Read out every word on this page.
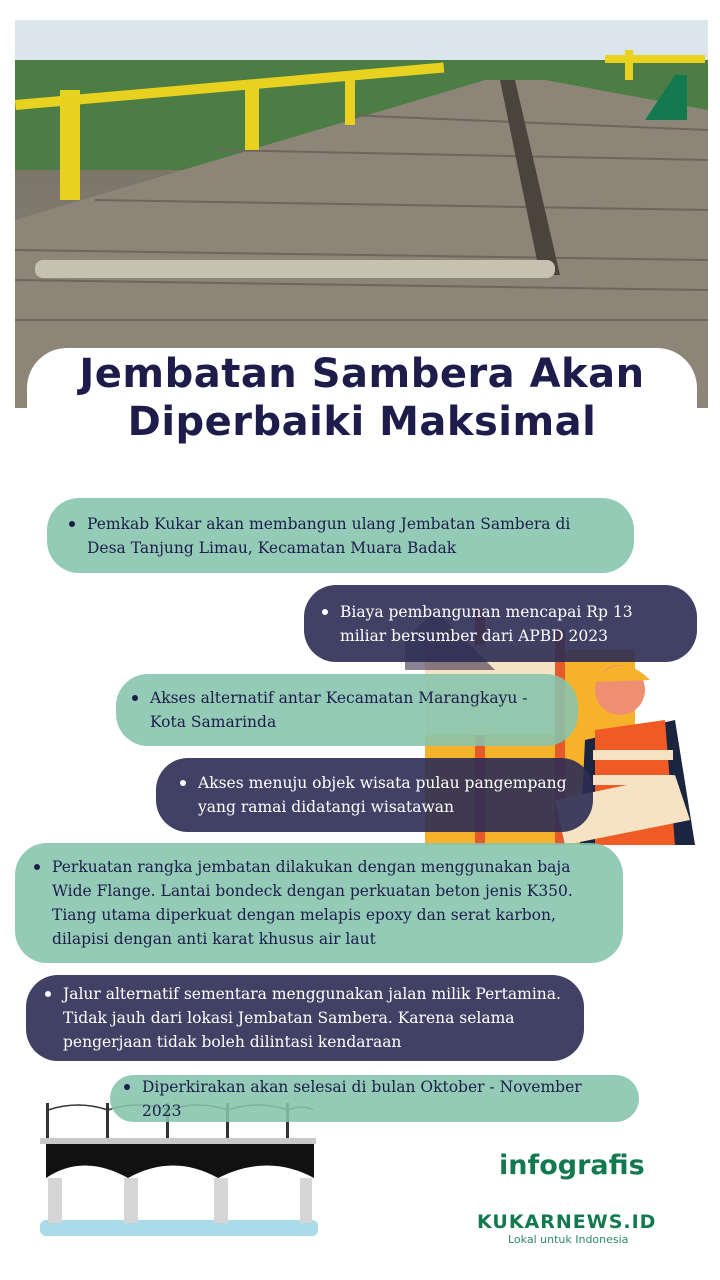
Jembatan Sambera Akan
Diperbaiki Maksimal
Pemkab Kukar akan membangun ulang Jembatan Sambera di Desa Tanjung Limau, Kecamatan Muara Badak
Biaya pembangunan mencapai Rp 13 miliar bersumber dari APBD 2023
Akses alternatif antar Kecamatan Marangkayu - Kota Samarinda
Akses menuju objek wisata pulau pangempang yang ramai didatangi wisatawan
Perkuatan rangka jembatan dilakukan dengan menggunakan baja Wide Flange. Lantai bondeck dengan perkuatan beton jenis K350. Tiang utama diperkuat dengan melapis epoxy dan serat karbon, dilapisi dengan anti karat khusus air laut
Jalur alternatif sementara menggunakan jalan milik Pertamina. Tidak jauh dari lokasi Jembatan Sambera. Karena selama pengerjaan tidak boleh dilintasi kendaraan
Diperkirakan akan selesai di bulan Oktober - November 2023
infografis
KUKARNEWS.ID
Lokal untuk Indonesia
